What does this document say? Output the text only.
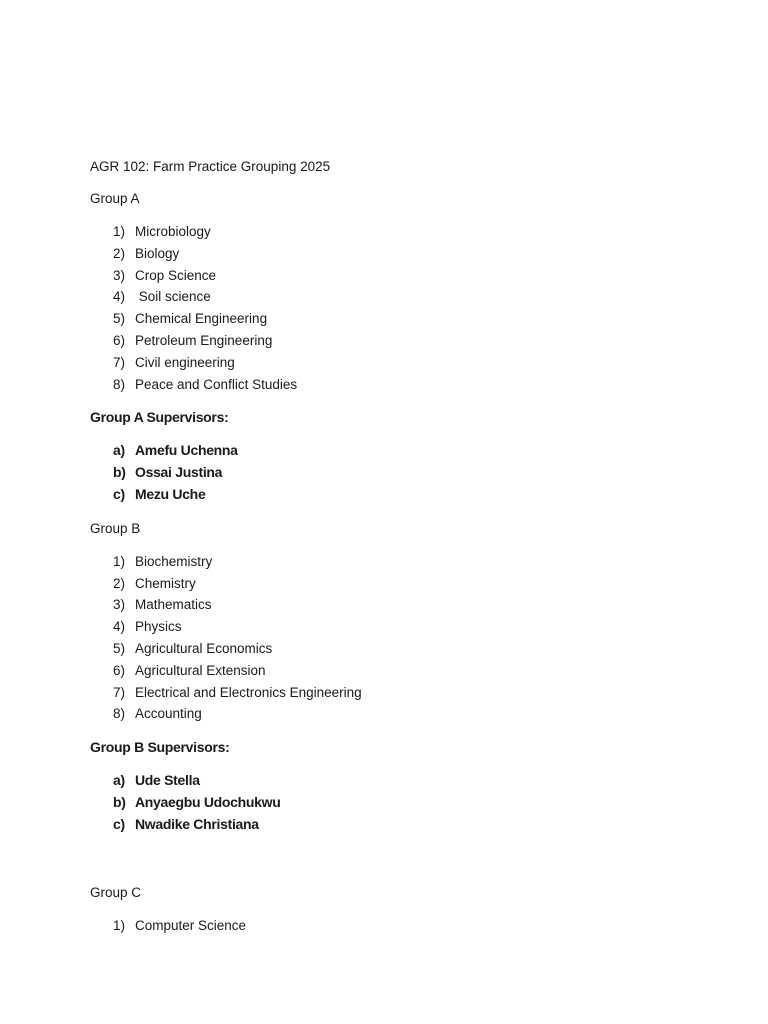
AGR 102: Farm Practice Grouping 2025
Group A
1) Microbiology
2) Biology
3) Crop Science
4) Soil science
5) Chemical Engineering
6) Petroleum Engineering
7) Civil engineering
8) Peace and Conflict Studies
Group A Supervisors:
a) Amefu Uchenna
b) Ossai Justina
c) Mezu Uche
Group B
1) Biochemistry
2) Chemistry
3) Mathematics
4) Physics
5) Agricultural Economics
6) Agricultural Extension
7) Electrical and Electronics Engineering
8) Accounting
Group B Supervisors:
a) Ude Stella
b) Anyaegbu Udochukwu
c) Nwadike Christiana
Group C
1) Computer Science
